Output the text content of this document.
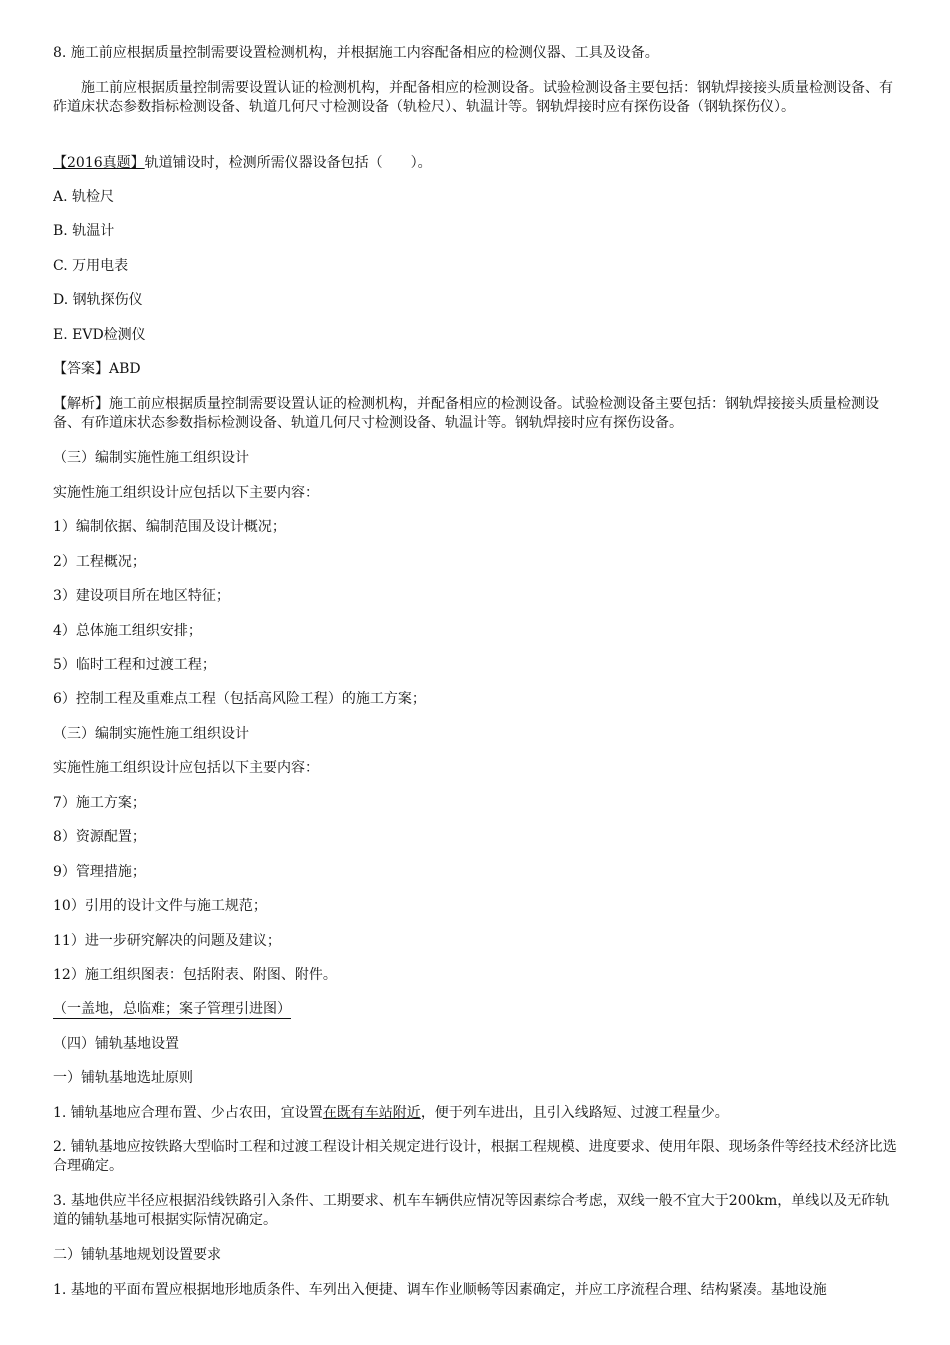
8. 施工前应根据质量控制需要设置检测机构，并根据施工内容配备相应的检测仪器、工具及设备。
施工前应根据质量控制需要设置认证的检测机构，并配备相应的检测设备。试验检测设备主要包括：钢轨焊接接头质量检测设备、有砟道床状态参数指标检测设备、轨道几何尺寸检测设备（轨检尺）、轨温计等。钢轨焊接时应有探伤设备（钢轨探伤仪）。
【2016真题】轨道铺设时，检测所需仪器设备包括（　　）。
A. 轨检尺
B. 轨温计
C. 万用电表
D. 钢轨探伤仪
E. EVD检测仪
【答案】ABD
【解析】施工前应根据质量控制需要设置认证的检测机构，并配备相应的检测设备。试验检测设备主要包括：钢轨焊接接头质量检测设备、有砟道床状态参数指标检测设备、轨道几何尺寸检测设备、轨温计等。钢轨焊接时应有探伤设备。
（三）编制实施性施工组织设计
实施性施工组织设计应包括以下主要内容：
1）编制依据、编制范围及设计概况；
2）工程概况；
3）建设项目所在地区特征；
4）总体施工组织安排；
5）临时工程和过渡工程；
6）控制工程及重难点工程（包括高风险工程）的施工方案；
（三）编制实施性施工组织设计
实施性施工组织设计应包括以下主要内容：
7）施工方案；
8）资源配置；
9）管理措施；
10）引用的设计文件与施工规范；
11）进一步研究解决的问题及建议；
12）施工组织图表：包括附表、附图、附件。
（一盖地，总临难；案子管理引进图）
（四）铺轨基地设置
一）铺轨基地选址原则
1. 铺轨基地应合理布置、少占农田，宜设置在既有车站附近，便于列车进出，且引入线路短、过渡工程量少。
2. 铺轨基地应按铁路大型临时工程和过渡工程设计相关规定进行设计，根据工程规模、进度要求、使用年限、现场条件等经技术经济比选合理确定。
3. 基地供应半径应根据沿线铁路引入条件、工期要求、机车车辆供应情况等因素综合考虑，双线一般不宜大于200km，单线以及无砟轨道的铺轨基地可根据实际情况确定。
二）铺轨基地规划设置要求
1. 基地的平面布置应根据地形地质条件、车列出入便捷、调车作业顺畅等因素确定，并应工序流程合理、结构紧凑。基地设施
